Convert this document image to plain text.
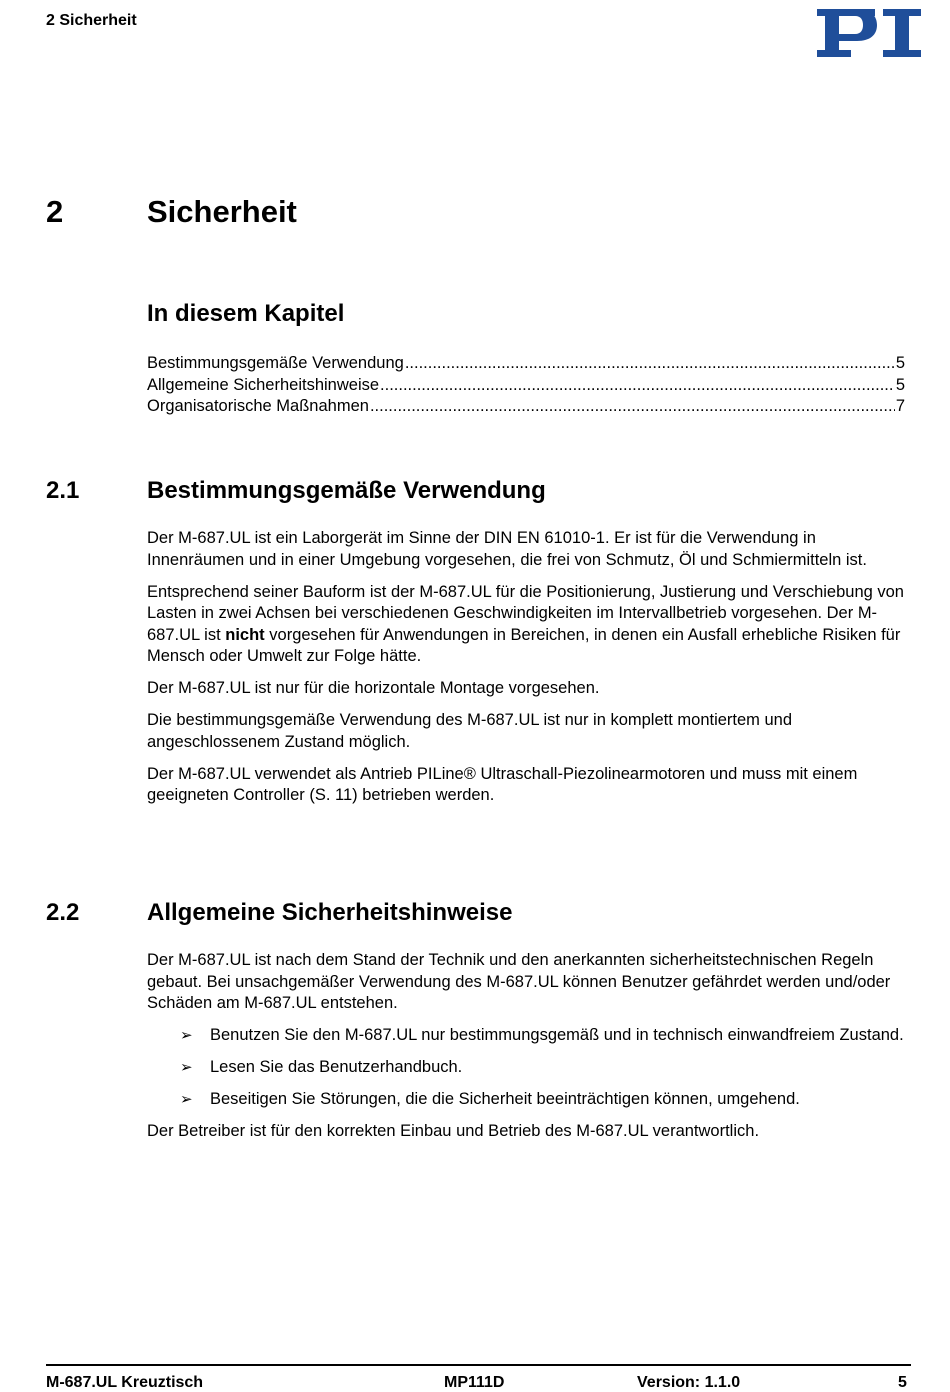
2 Sicherheit
2	Sicherheit
In diesem Kapitel
Bestimmungsgemäße Verwendung .....	5
Allgemeine Sicherheitshinweise .....	5
Organisatorische Maßnahmen .....	7
2.1	Bestimmungsgemäße Verwendung

Der M-687.UL ist ein Laborgerät im Sinne der DIN EN 61010-1. Er ist für die Verwendung in Innenräumen und in einer Umgebung vorgesehen, die frei von Schmutz, Öl und Schmiermitteln ist.

Entsprechend seiner Bauform ist der M-687.UL für die Positionierung, Justierung und Verschiebung von Lasten in zwei Achsen bei verschiedenen Geschwindigkeiten im Intervallbetrieb vorgesehen. Der M-687.UL ist nicht vorgesehen für Anwendungen in Bereichen, in denen ein Ausfall erhebliche Risiken für Mensch oder Umwelt zur Folge hätte.

Der M-687.UL ist nur für die horizontale Montage vorgesehen.

Die bestimmungsgemäße Verwendung des M-687.UL ist nur in komplett montiertem und angeschlossenem Zustand möglich.

Der M-687.UL verwendet als Antrieb PILine® Ultraschall-Piezolinearmotoren und muss mit einem geeigneten Controller (S. 11) betrieben werden.

2.2	Allgemeine Sicherheitshinweise

Der M-687.UL ist nach dem Stand der Technik und den anerkannten sicherheitstechnischen Regeln gebaut. Bei unsachgemäßer Verwendung des M-687.UL können Benutzer gefährdet werden und/oder Schäden am M-687.UL entstehen.

➢ Benutzen Sie den M-687.UL nur bestimmungsgemäß und in technisch einwandfreiem Zustand.
➢ Lesen Sie das Benutzerhandbuch.
➢ Beseitigen Sie Störungen, die die Sicherheit beeinträchtigen können, umgehend.

Der Betreiber ist für den korrekten Einbau und Betrieb des M-687.UL verantwortlich.

M-687.UL Kreuztisch	MP111D	Version: 1.1.0	5
